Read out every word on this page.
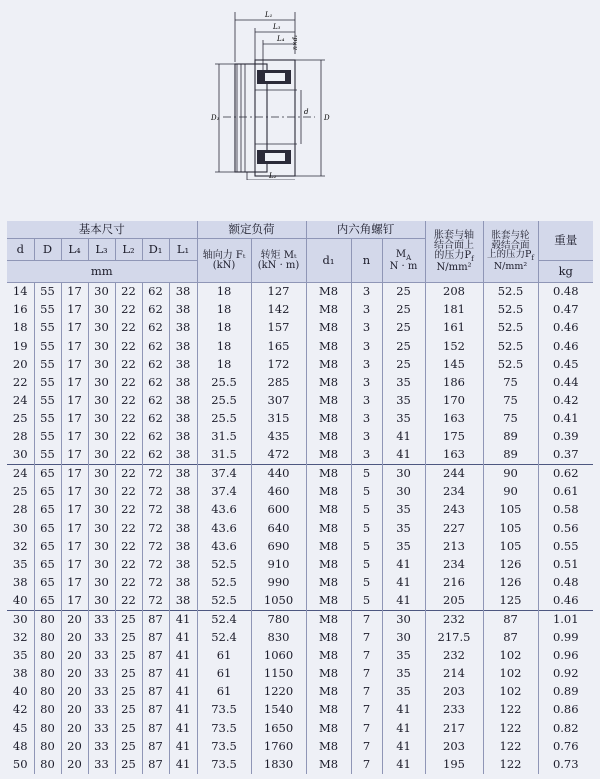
L₁
L₃
L₄ n×d₁
D₁
d
D
L₂
基本尺寸							额定负荷		内六角螺钉			胀套与轴
结合面上
的压力$P_f$
N/mm²	胀套与轮
毂结合面
上的压力$P_f$
N/mm²	重量
d	D	L₄	L₃	L₂	D₁	L₁	轴向力 Fₜ
(kN)	转矩 Mₜ
(kN · m)	d₁	n	$M_A$
N · m			
mm														kg
14	55	17	30	22	62	38	18	127	M8	3	25	208	52.5	0.48
16	55	17	30	22	62	38	18	142	M8	3	25	181	52.5	0.47
18	55	17	30	22	62	38	18	157	M8	3	25	161	52.5	0.46
19	55	17	30	22	62	38	18	165	M8	3	25	152	52.5	0.46
20	55	17	30	22	62	38	18	172	M8	3	25	145	52.5	0.45
22	55	17	30	22	62	38	25.5	285	M8	3	35	186	75	0.44
24	55	17	30	22	62	38	25.5	307	M8	3	35	170	75	0.42
25	55	17	30	22	62	38	25.5	315	M8	3	35	163	75	0.41
28	55	17	30	22	62	38	31.5	435	M8	3	41	175	89	0.39
30	55	17	30	22	62	38	31.5	472	M8	3	41	163	89	0.37
24	65	17	30	22	72	38	37.4	440	M8	5	30	244	90	0.62
25	65	17	30	22	72	38	37.4	460	M8	5	30	234	90	0.61
28	65	17	30	22	72	38	43.6	600	M8	5	35	243	105	0.58
30	65	17	30	22	72	38	43.6	640	M8	5	35	227	105	0.56
32	65	17	30	22	72	38	43.6	690	M8	5	35	213	105	0.55
35	65	17	30	22	72	38	52.5	910	M8	5	41	234	126	0.51
38	65	17	30	22	72	38	52.5	990	M8	5	41	216	126	0.48
40	65	17	30	22	72	38	52.5	1050	M8	5	41	205	125	0.46
30	80	20	33	25	87	41	52.4	780	M8	7	30	232	87	1.01
32	80	20	33	25	87	41	52.4	830	M8	7	30	217.5	87	0.99
35	80	20	33	25	87	41	61	1060	M8	7	35	232	102	0.96
38	80	20	33	25	87	41	61	1150	M8	7	35	214	102	0.92
40	80	20	33	25	87	41	61	1220	M8	7	35	203	102	0.89
42	80	20	33	25	87	41	73.5	1540	M8	7	41	233	122	0.86
45	80	20	33	25	87	41	73.5	1650	M8	7	41	217	122	0.82
48	80	20	33	25	87	41	73.5	1760	M8	7	41	203	122	0.76
50	80	20	33	25	87	41	73.5	1830	M8	7	41	195	122	0.73
